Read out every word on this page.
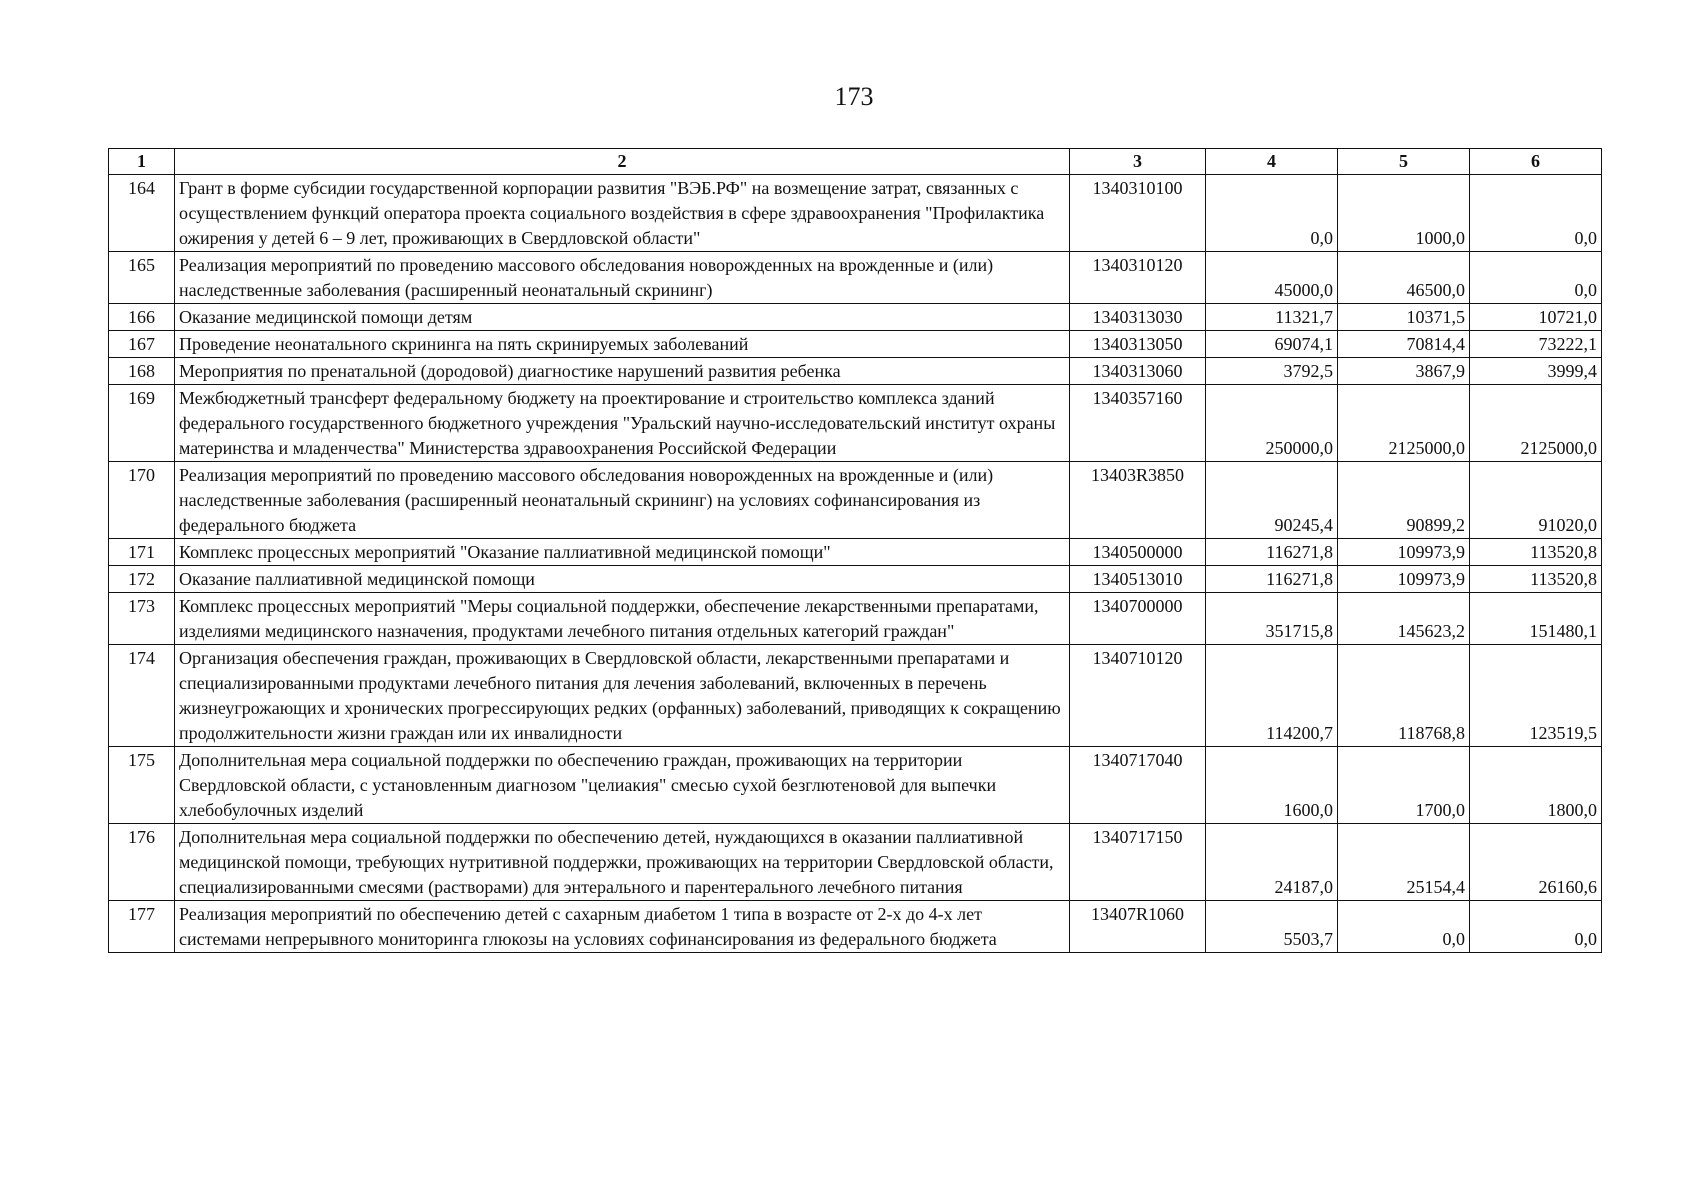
173
1	2	3	4	5	6
164	Грант в форме субсидии государственной корпорации развития "ВЭБ.РФ" на возмещение затрат, связанных с осуществлением функций оператора проекта социального воздействия в сфере здравоохранения "Профилактика ожирения у детей 6 – 9 лет, проживающих в Свердловской области"	1340310100	0,0	1000,0	0,0
165	Реализация мероприятий по проведению массового обследования новорожденных на врожденные и (или) наследственные заболевания (расширенный неонатальный скрининг)	1340310120	45000,0	46500,0	0,0
166	Оказание медицинской помощи детям	1340313030	11321,7	10371,5	10721,0
167	Проведение неонатального скрининга на пять скринируемых заболеваний	1340313050	69074,1	70814,4	73222,1
168	Мероприятия по пренатальной (дородовой) диагностике нарушений развития ребенка	1340313060	3792,5	3867,9	3999,4
169	Межбюджетный трансферт федеральному бюджету на проектирование и строительство комплекса зданий федерального государственного бюджетного учреждения "Уральский научно-исследовательский институт охраны материнства и младенчества" Министерства здравоохранения Российской Федерации	1340357160	250000,0	2125000,0	2125000,0
170	Реализация мероприятий по проведению массового обследования новорожденных на врожденные и (или) наследственные заболевания (расширенный неонатальный скрининг) на условиях софинансирования из федерального бюджета	13403R3850	90245,4	90899,2	91020,0
171	Комплекс процессных мероприятий "Оказание паллиативной медицинской помощи"	1340500000	116271,8	109973,9	113520,8
172	Оказание паллиативной медицинской помощи	1340513010	116271,8	109973,9	113520,8
173	Комплекс процессных мероприятий "Меры социальной поддержки, обеспечение лекарственными препаратами, изделиями медицинского назначения, продуктами лечебного питания отдельных категорий граждан"	1340700000	351715,8	145623,2	151480,1
174	Организация обеспечения граждан, проживающих в Свердловской области, лекарственными препаратами и специализированными продуктами лечебного питания для лечения заболеваний, включенных в перечень жизнеугрожающих и хронических прогрессирующих редких (орфанных) заболеваний, приводящих к сокращению продолжительности жизни граждан или их инвалидности	1340710120	114200,7	118768,8	123519,5
175	Дополнительная мера социальной поддержки по обеспечению граждан, проживающих на территории Свердловской области, с установленным диагнозом "целиакия" смесью сухой безглютеновой для выпечки хлебобулочных изделий	1340717040	1600,0	1700,0	1800,0
176	Дополнительная мера социальной поддержки по обеспечению детей, нуждающихся в оказании паллиативной медицинской помощи, требующих нутритивной поддержки, проживающих на территории Свердловской области, специализированными смесями (растворами) для энтерального и парентерального лечебного питания	1340717150	24187,0	25154,4	26160,6
177	Реализация мероприятий по обеспечению детей с сахарным диабетом 1 типа в возрасте от 2-х до 4-х лет системами непрерывного мониторинга глюкозы на условиях софинансирования из федерального бюджета	13407R1060	5503,7	0,0	0,0
